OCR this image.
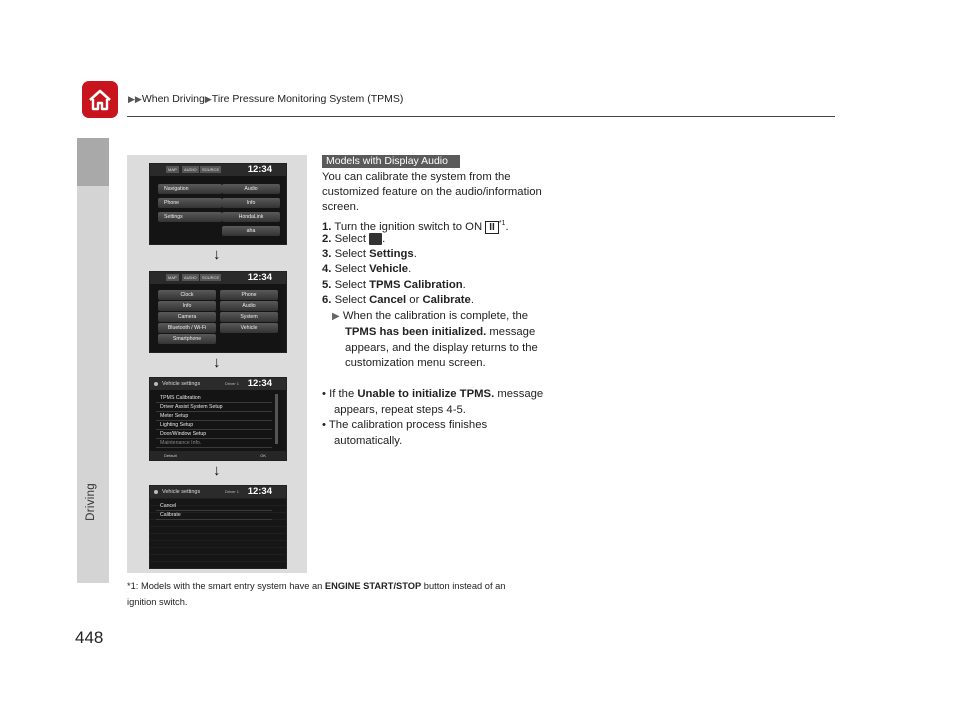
▶▶When Driving▶Tire Pressure Monitoring System (TPMS)
Driving
448
MAP	AUDIO	SOURCE	12:34
Navigation
Phone
Settings
Audio
Info
HondaLink
aha
↓
MAP	AUDIO	SOURCE	12:34
Clock	Phone
Info	Audio
Camera	System
Bluetooth / Wi-Fi	Vehicle
Smartphone
↓
Vehicle settings	Driver 1 12:34
TPMS Calibration
Driver Assist System Setup
Meter Setup
Lighting Setup
Door/Window Setup
Maintenance Info.
Default	OK
↓
Vehicle settings	Driver 1 12:34
Cancel
Calibrate
Models with Display Audio
You can calibrate the system from the
customized feature on the audio/information
screen.
1. Turn the ignition switch to ON II $^{*1}$.
2. Select .
3. Select Settings.
4. Select Vehicle.
5. Select TPMS Calibration.
6. Select Cancel or Calibrate.
▶ When the calibration is complete, the
TPMS has been initialized. message
appears, and the display returns to the
customization menu screen.
• If the Unable to initialize TPMS. message
appears, repeat steps 4-5.
• The calibration process finishes
automatically.
*1: Models with the smart entry system have an ENGINE START/STOP button instead of an
ignition switch.
